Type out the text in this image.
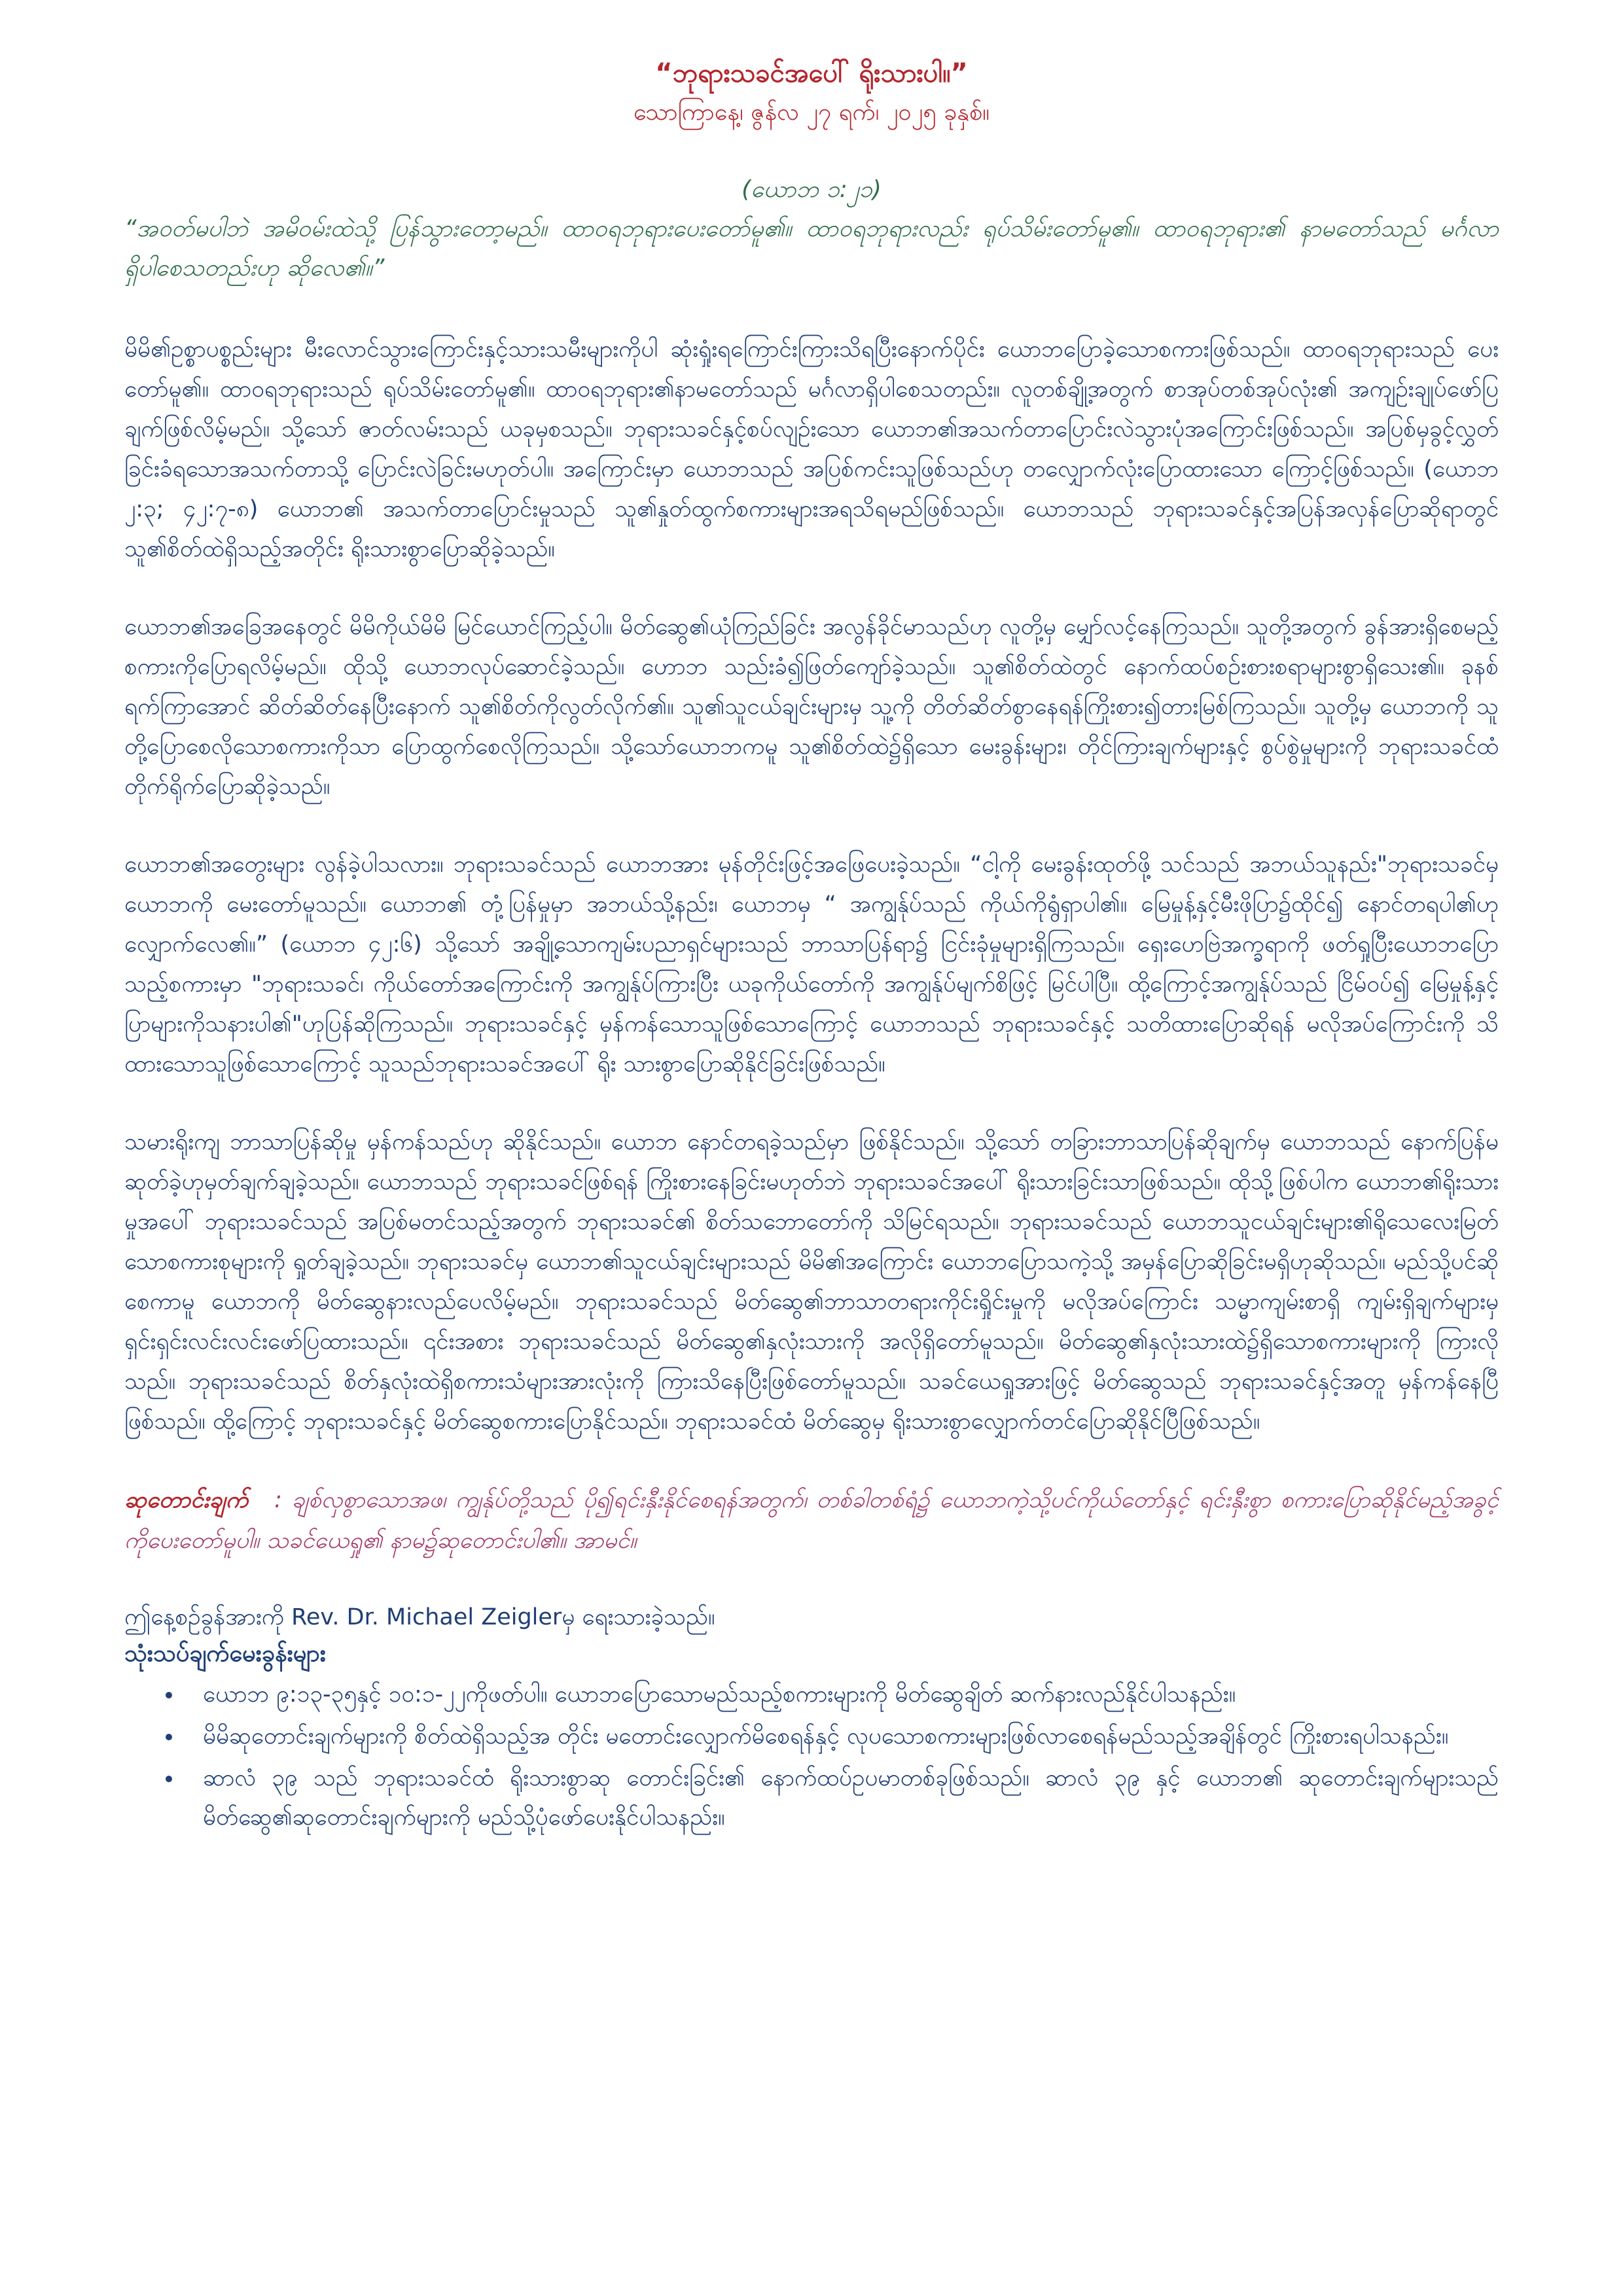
“ဘုရားသခင်အပေါ် ရိုးသားပါ။”

သောကြာနေ့၊ ဇွန်လ ၂၇ ရက်၊ ၂၀၂၅ ခုနှစ်။

(ယောဘ ၁:၂၁)

“အဝတ်မပါဘဲ အမိဝမ်းထဲသို့ ပြန်သွားတော့မည်။ ထာဝရဘုရားပေးတော်မူ၏။ ထာဝရဘုရားလည်း ရုပ်သိမ်းတော်မူ၏။ ထာဝရဘုရား၏ နာမတော်သည် မင်္ဂလာရှိပါစေသတည်းဟု ဆိုလေ၏။”

မိမိ၏ဥစ္စာပစ္စည်းများ မီးလောင်သွားကြောင်းနှင့်သားသမီးများကိုပါ ဆုံးရှုံးရကြောင်းကြားသိရပြီးနောက်ပိုင်း ယောဘပြောခဲ့သောစကားဖြစ်သည်။ ထာဝရဘုရားသည် ပေးတော်မူ၏။ ထာဝရဘုရားသည် ရုပ်သိမ်းတော်မူ၏။ ထာဝရဘုရား၏နာမတော်သည် မင်္ဂလာရှိပါစေသတည်း။ လူတစ်ချို့အတွက် စာအုပ်တစ်အုပ်လုံး၏ အကျဉ်းချုပ်ဖော်ပြချက်ဖြစ်လိမ့်မည်။ သို့သော် ဇာတ်လမ်းသည် ယခုမှစသည်။ ဘုရားသခင်နှင့်စပ်လျဉ်းသော ယောဘ၏အသက်တာပြောင်းလဲသွားပုံအကြောင်းဖြစ်သည်။ အပြစ်မှခွင့်လွှတ်ခြင်းခံရသောအသက်တာသို့ ပြောင်းလဲခြင်းမဟုတ်ပါ။ အကြောင်းမှာ ယောဘသည် အပြစ်ကင်းသူဖြစ်သည်ဟု တလျှောက်လုံးပြောထားသော ကြောင့်ဖြစ်သည်။ (ယောဘ ၂:၃; ၄၂:၇-၈) ယောဘ၏ အသက်တာပြောင်းမှုသည် သူ၏နှုတ်ထွက်စကားများအရသိရမည်ဖြစ်သည်။ ယောဘသည် ဘုရားသခင်နှင့်အပြန်အလှန်ပြောဆိုရာတွင် သူ၏စိတ်ထဲရှိသည့်အတိုင်း ရိုးသားစွာပြောဆိုခဲ့သည်။

ယောဘ၏အခြေအနေတွင် မိမိကိုယ်မိမိ မြင်ယောင်ကြည့်ပါ။ မိတ်ဆွေ၏ယုံကြည်ခြင်း အလွန်ခိုင်မာသည်ဟု လူတို့မှ မျှော်လင့်နေကြသည်။ သူတို့အတွက် ခွန်အားရှိစေမည့်စကားကိုပြောရလိမ့်မည်။ ထိုသို့ ယောဘလုပ်ဆောင်ခဲ့သည်။ ဟောဘ သည်းခံ၍ဖြတ်ကျော်ခဲ့သည်။ သူ၏စိတ်ထဲတွင် နောက်ထပ်စဉ်းစားစရာများစွာရှိသေး၏။ ခုနစ်ရက်ကြာအောင် ဆိတ်ဆိတ်နေပြီးနောက် သူ၏စိတ်ကိုလွတ်လိုက်၏။ သူ၏သူငယ်ချင်းများမှ သူ့ကို တိတ်ဆိတ်စွာနေရန်ကြိုးစား၍တားမြစ်ကြသည်။ သူတို့မှ ယောဘကို သူတို့ပြောစေလိုသောစကားကိုသာ ပြောထွက်စေလိုကြသည်။ သို့သော်ယောဘကမူ သူ၏စိတ်ထဲ၌ရှိသော မေးခွန်းများ၊ တိုင်ကြားချက်များနှင့် စွပ်စွဲမှုများကို ဘုရားသခင်ထံ တိုက်ရိုက်ပြောဆိုခဲ့သည်။

ယောဘ၏အတွေးများ လွန်ခဲ့ပါသလား။ ဘုရားသခင်သည် ယောဘအား မုန်တိုင်းဖြင့်အဖြေပေးခဲ့သည်။ “ငါ့ကို မေးခွန်းထုတ်ဖို့ သင်သည် အဘယ်သူနည်း"ဘုရားသခင်မှ ယောဘကို မေးတော်မူသည်။ ယောဘ၏ တုံ့ပြန်မှုမှာ အဘယ်သို့နည်း၊ ယောဘမှ “ အကျွန်ုပ်သည် ကိုယ်ကိုရွံရှာပါ၏။ မြေမှုန့်နှင့်မီးဖိုပြာ၌ထိုင်၍ နောင်တရပါ၏ဟု လျှောက်လေ၏။” (ယောဘ ၄၂:၆) သို့သော် အချို့သောကျမ်းပညာရှင်များသည် ဘာသာပြန်ရာ၌ ငြင်းခုံမှုများရှိကြသည်။ ရှေးဟေဗြဲအက္ခရာကို ဖတ်ရှုပြီးယောဘပြောသည့်စကားမှာ "ဘုရားသခင်၊ ကိုယ်တော်အကြောင်းကို အကျွန်ုပ်ကြားပြီး ယခုကိုယ်တော်ကို အကျွန်ုပ်မျက်စိဖြင့် မြင်ပါပြီ။ ထို့ကြောင့်အကျွန်ုပ်သည် ငြိမ်ဝပ်၍ မြေမှုန့်နှင့် ပြာများကိုသနားပါ၏"ဟုပြန်ဆိုကြသည်။ ဘုရားသခင်နှင့် မှန်ကန်သောသူဖြစ်သောကြောင့် ယောဘသည် ဘုရားသခင်နှင့် သတိထားပြောဆိုရန် မလိုအပ်ကြောင်းကို သိထားသောသူဖြစ်သောကြောင့် သူသည်ဘုရားသခင်အပေါ် ရိုး သားစွာပြောဆိုနိုင်ခြင်းဖြစ်သည်။

သမားရိုးကျ ဘာသာပြန်ဆိုမှု မှန်ကန်သည်ဟု ဆိုနိုင်သည်။ ယောဘ နောင်တရခဲ့သည်မှာ ဖြစ်နိုင်သည်။ သို့သော် တခြားဘာသာပြန်ဆိုချက်မှ ယောဘသည် နောက်ပြန်မဆုတ်ခဲ့ဟုမှတ်ချက်ချခဲ့သည်။ ယောဘသည် ဘုရားသခင်ဖြစ်ရန် ကြိုးစားနေခြင်းမဟုတ်ဘဲ ဘုရားသခင်အပေါ် ရိုးသားခြင်းသာဖြစ်သည်။ ထိုသို့ဖြစ်ပါက ယောဘ၏ရိုးသားမှုအပေါ် ဘုရားသခင်သည် အပြစ်မတင်သည့်အတွက် ဘုရားသခင်၏ စိတ်သဘောတော်ကို သိမြင်ရသည်။ ဘုရားသခင်သည် ယောဘသူငယ်ချင်းများ၏ရိုသေလေးမြတ်သောစကားစုများကို ရှုတ်ချခဲ့သည်။ ဘုရားသခင်မှ ယောဘ၏သူငယ်ချင်းများသည် မိမိ၏အကြောင်း ယောဘပြောသကဲ့သို့ အမှန်ပြောဆိုခြင်းမရှိဟုဆိုသည်။ မည်သို့ပင်ဆိုစေကာမူ ယောဘကို မိတ်ဆွေနားလည်ပေလိမ့်မည်။ ဘုရားသခင်သည် မိတ်ဆွေ၏ဘာသာတရားကိုင်းရှိုင်းမှုကို မလိုအပ်ကြောင်း သမ္မာကျမ်းစာရှိ ကျမ်းရှိချက်များမှရှင်းရှင်းလင်းလင်းဖော်ပြထားသည်။ ၎င်းအစား ဘုရားသခင်သည် မိတ်ဆွေ၏နှလုံးသားကို အလိုရှိတော်မူသည်။ မိတ်ဆွေ၏နှလုံးသားထဲ၌ရှိသောစကားများကို ကြားလိုသည်။ ဘုရားသခင်သည် စိတ်နှလုံးထဲရှိစကားသံများအားလုံးကို ကြားသိနေပြီးဖြစ်တော်မူသည်။ သခင်ယေရှုအားဖြင့် မိတ်ဆွေသည် ဘုရားသခင်နှင့်အတူ မှန်ကန်နေပြီဖြစ်သည်။ ထို့ကြောင့် ဘုရားသခင်နှင့် မိတ်ဆွေစကားပြောနိုင်သည်။ ဘုရားသခင်ထံ မိတ်ဆွေမှ ရိုးသားစွာလျှောက်တင်ပြောဆိုနိုင်ပြီဖြစ်သည်။

ဆုတောင်းချက် : ချစ်လှစွာသောအဖ၊ ကျွန်ုပ်တို့သည် ပို၍ရင်းနှီးနိုင်စေရန်အတွက်၊ တစ်ခါတစ်ရံ၌ ယောဘကဲ့သို့ပင်ကိုယ်တော်နှင့် ရင်းနှီးစွာ စကားပြောဆိုနိုင်မည့်အခွင့်ကိုပေးတော်မူပါ။ သခင်ယေရှု၏ နာမ၌ဆုတောင်းပါ၏။ အာမင်။

ဤနေ့စဉ်ခွန်အားကို Rev. Dr. Michael Zeiglerမှ ရေးသားခဲ့သည်။

သုံးသပ်ချက်မေးခွန်းများ

• ယောဘ ၉:၁၃-၃၅နှင့် ၁၀:၁-၂၂ကိုဖတ်ပါ။ ယောဘပြောသောမည်သည့်စကားများကို မိတ်ဆွေချိတ် ဆက်နားလည်နိုင်ပါသနည်း။
• မိမိဆုတောင်းချက်များကို စိတ်ထဲရှိသည့်အ တိုင်း မတောင်းလျှောက်မိစေရန်နှင့် လုပသောစကားများဖြစ်လာစေရန်မည်သည့်အချိန်တွင် ကြိုးစားရပါသနည်း။
• ဆာလံ ၃၉ သည် ဘုရားသခင်ထံ ရိုးသားစွာဆု တောင်းခြင်း၏ နောက်ထပ်ဥပမာတစ်ခုဖြစ်သည်။ ဆာလံ ၃၉ နှင့် ယောဘ၏ ဆုတောင်းချက်များသည် မိတ်ဆွေ၏ဆုတောင်းချက်များကို မည်သို့ပုံဖော်ပေးနိုင်ပါသနည်း။
